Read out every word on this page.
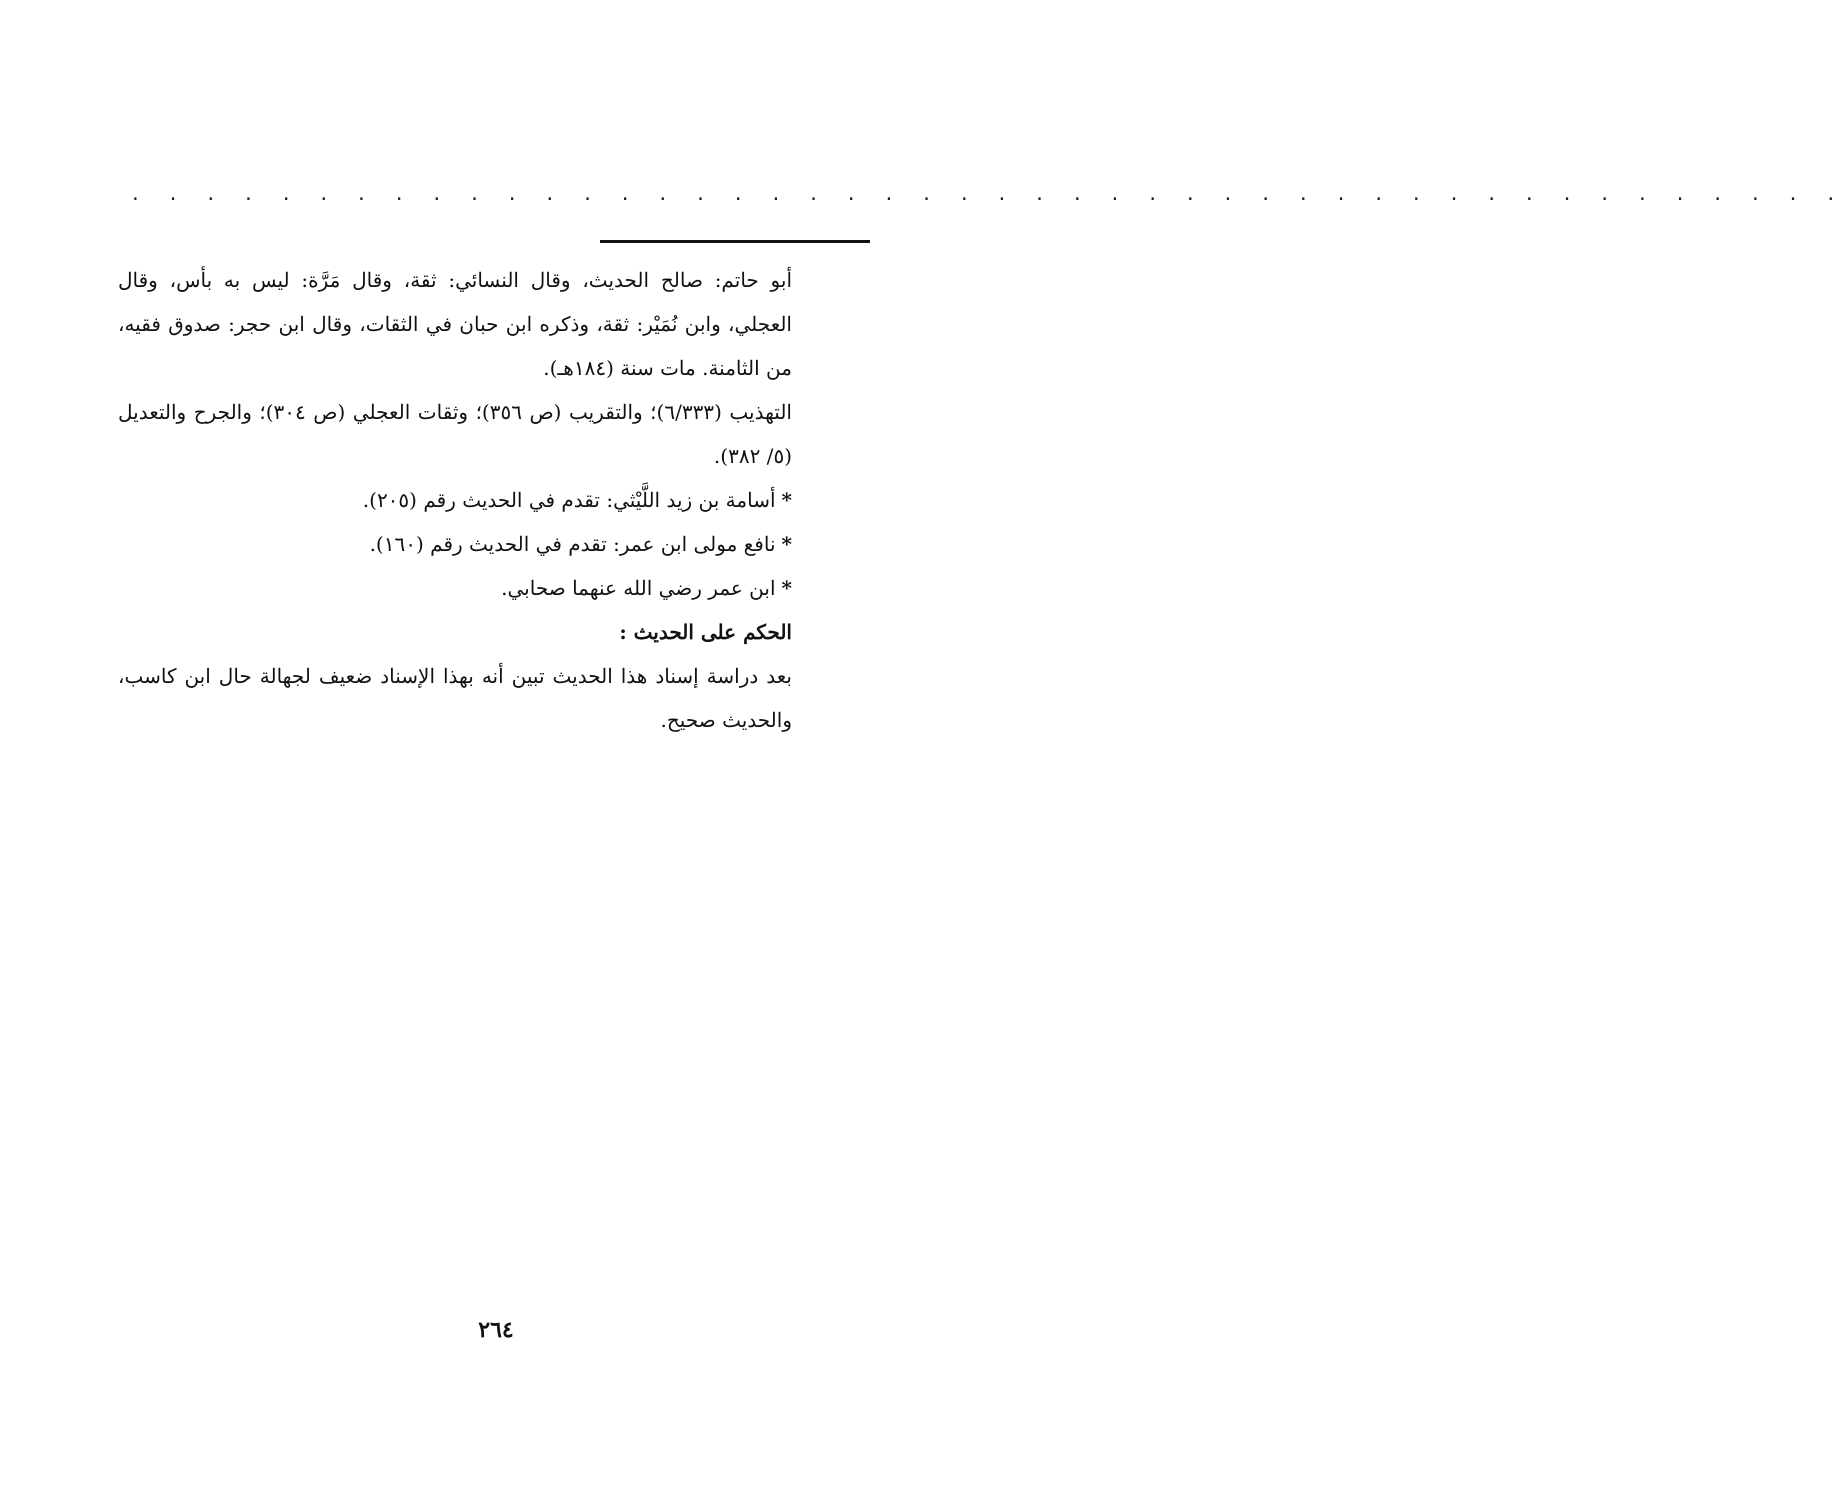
. . . . . . . . . . . . . . . . . . . . . . . . . . . . . . . . . . . . . . . . . . . . . .

أبو حاتم: صالح الحديث، وقال النسائي: ثقة، وقال مَرَّة: ليس به بأس، وقال العجلي، وابن نُمَيْر: ثقة، وذكره ابن حبان في الثقات، وقال ابن حجر: صدوق فقيه، من الثامنة. مات سنة (١٨٤هـ).

التهذيب (٦/٣٣٣)؛ والتقريب (ص ٣٥٦)؛ وثقات العجلي (ص ٣٠٤)؛ والجرح والتعديل (٥/ ٣٨٢).

*أسامة بن زيد اللَّيْثي: تقدم في الحديث رقم (٢٠٥).

*نافع مولى ابن عمر: تقدم في الحديث رقم (١٦٠).

*ابن عمر رضي الله عنهما صحابي.

الحكم على الحديث :

بعد دراسة إسناد هذا الحديث تبين أنه بهذا الإسناد ضعيف لجهالة حال ابن كاسب، والحديث صحيح.

٢٦٤
